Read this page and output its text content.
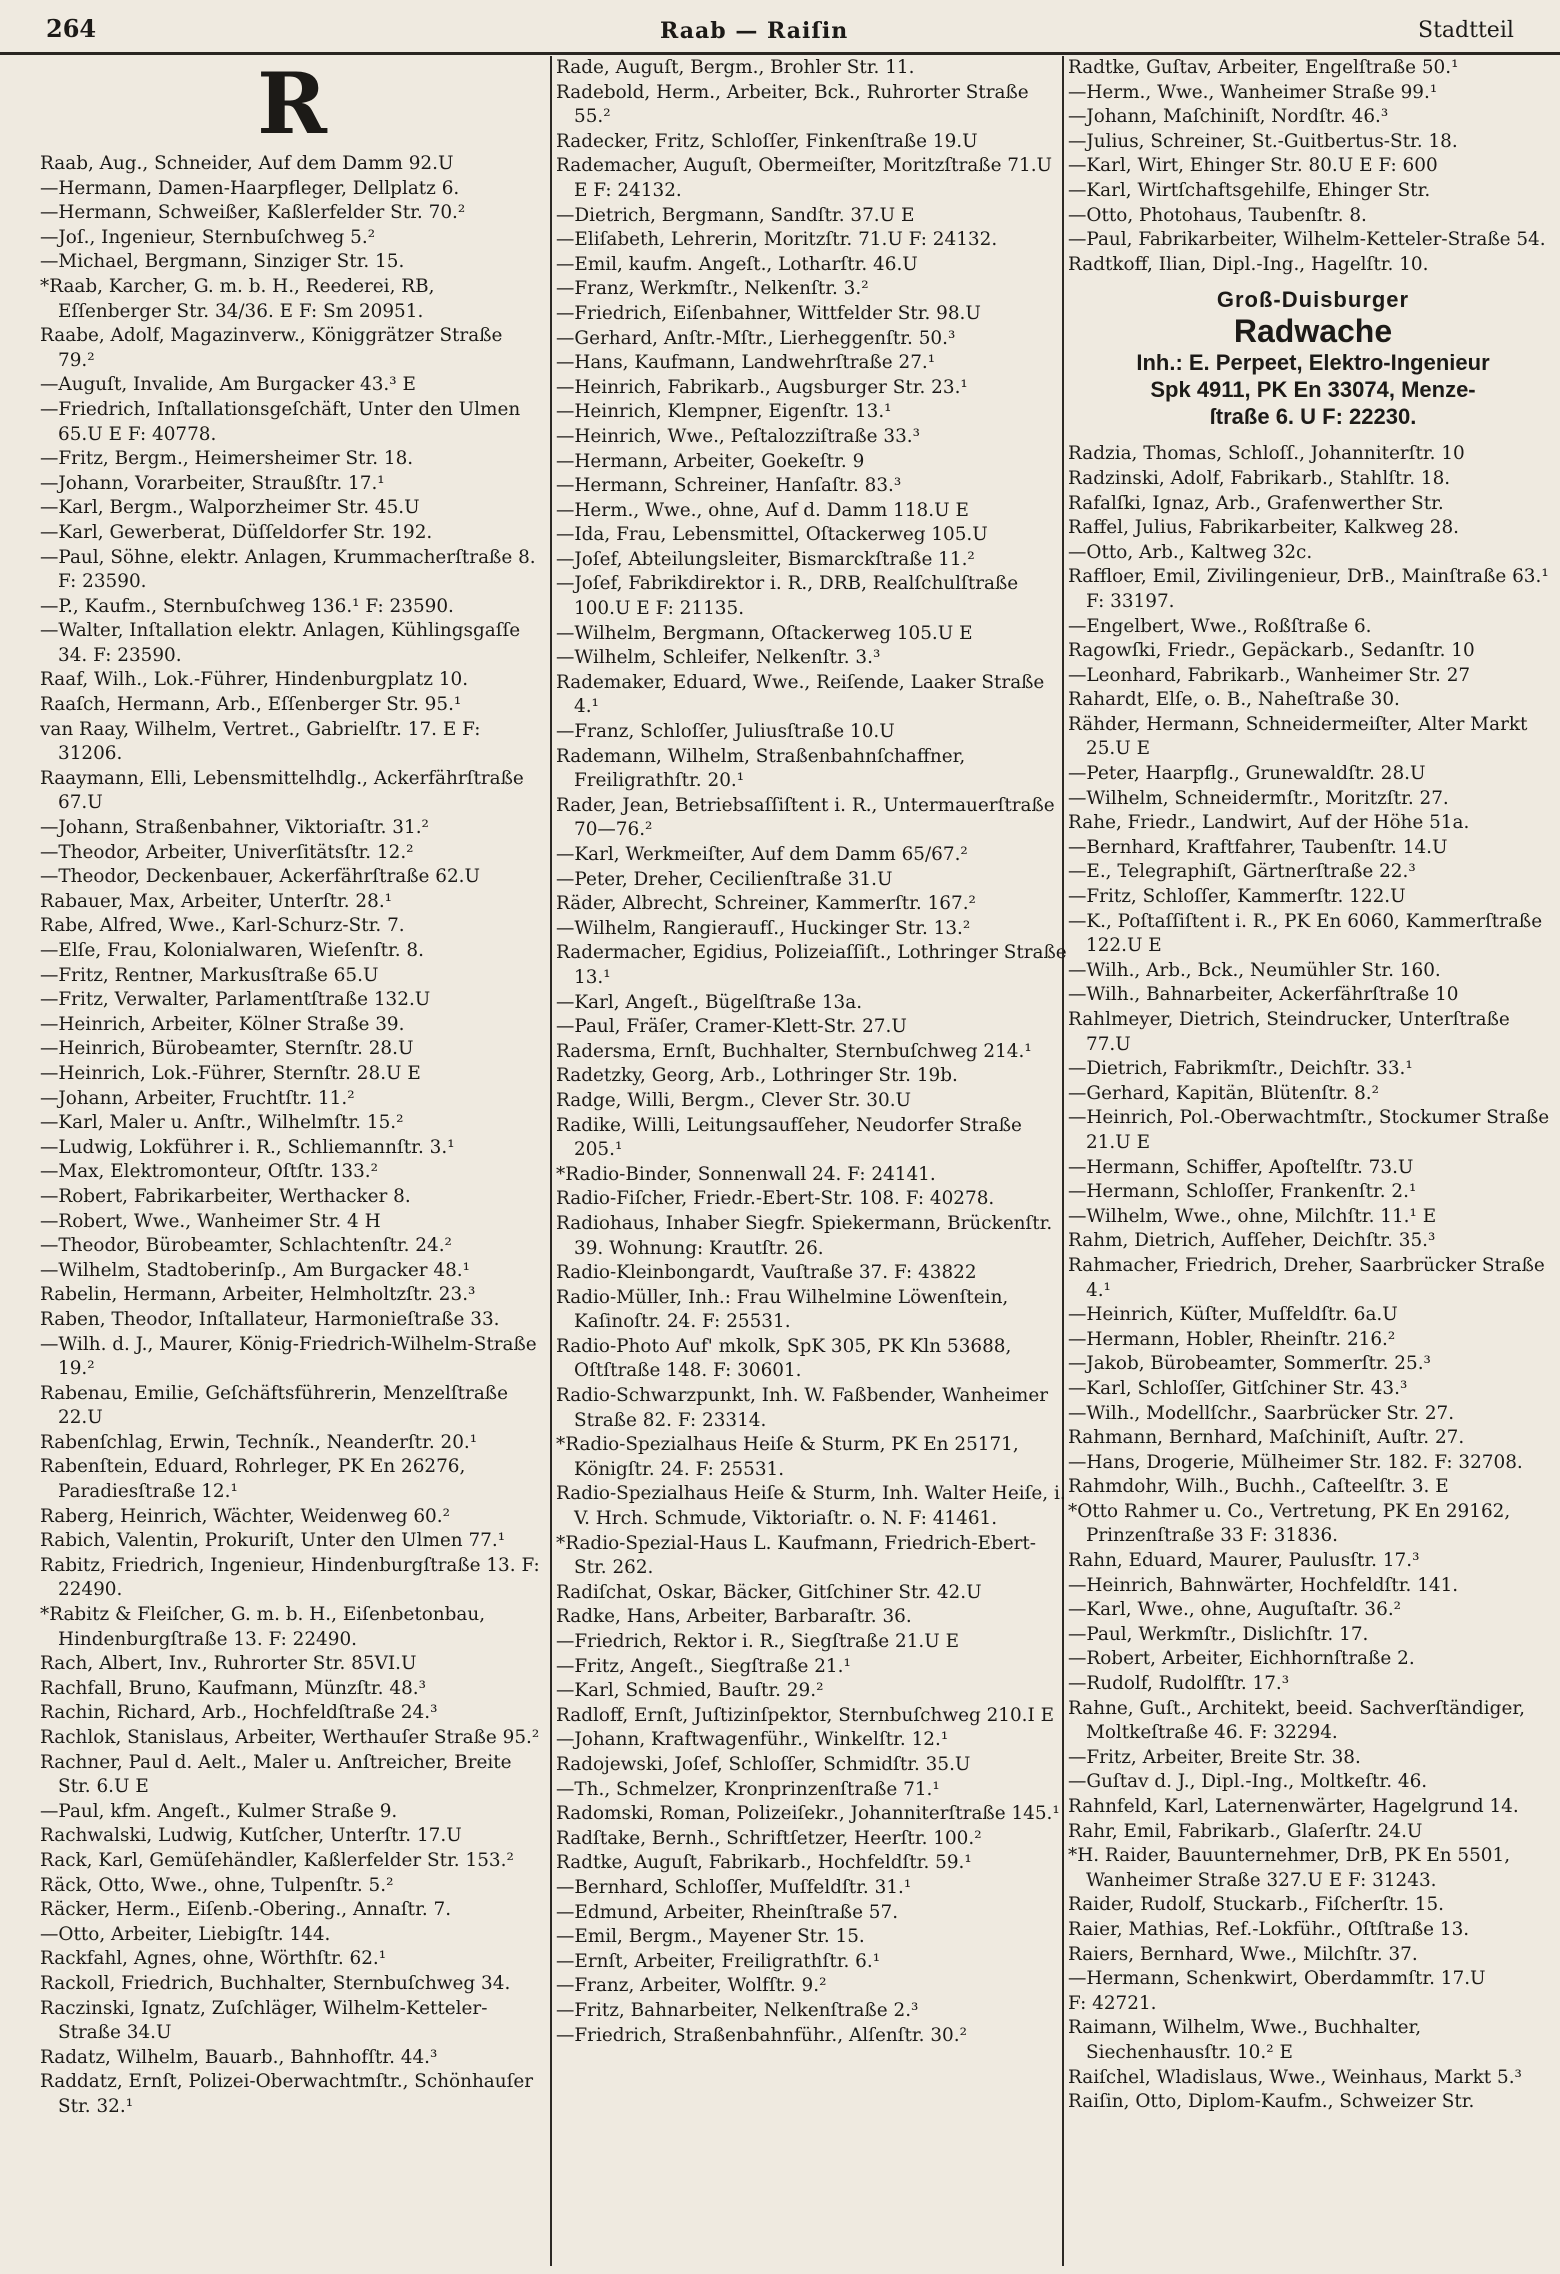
264	Raab — Raiſin	Stadtteil
R
Raab, Aug., Schneider, Auf dem Damm 92.U
—Hermann, Damen-Haarpfleger, Dellplatz 6.
—Hermann, Schweißer, Kaßlerfelder Str. 70.²
—Joſ., Ingenieur, Sternbuſchweg 5.²
—Michael, Bergmann, Sinziger Str. 15.
*Raab, Karcher, G. m. b. H., Reederei, RB, Eſſenberger Str. 34/36. E F: Sm 20951.
Raabe, Adolf, Magazinverw., Königgrätzer Straße 79.²
—Auguſt, Invalide, Am Burgacker 43.³ E
—Friedrich, Inſtallationsgeſchäft, Unter den Ulmen 65.U E F: 40778.
—Fritz, Bergm., Heimersheimer Str. 18.
—Johann, Vorarbeiter, Straußſtr. 17.¹
—Karl, Bergm., Walporzheimer Str. 45.U
—Karl, Gewerberat, Düſſeldorfer Str. 192.
—Paul, Söhne, elektr. Anlagen, Krummacherſtraße 8. F: 23590.
—P., Kaufm., Sternbuſchweg 136.¹ F: 23590.
—Walter, Inſtallation elektr. Anlagen, Kühlingsgaſſe 34. F: 23590.
Raaf, Wilh., Lok.-Führer, Hindenburgplatz 10.
Raaſch, Hermann, Arb., Eſſenberger Str. 95.¹
van Raay, Wilhelm, Vertret., Gabrielſtr. 17. E F: 31206.
Raaymann, Elli, Lebensmittelhdlg., Ackerfährſtraße 67.U
—Johann, Straßenbahner, Viktoriaſtr. 31.²
—Theodor, Arbeiter, Univerſitätsſtr. 12.²
—Theodor, Deckenbauer, Ackerfährſtraße 62.U
Rabauer, Max, Arbeiter, Unterſtr. 28.¹
Rabe, Alfred, Wwe., Karl-Schurz-Str. 7.
—Elſe, Frau, Kolonialwaren, Wieſenſtr. 8.
—Fritz, Rentner, Markusſtraße 65.U
—Fritz, Verwalter, Parlamentſtraße 132.U
—Heinrich, Arbeiter, Kölner Straße 39.
—Heinrich, Bürobeamter, Sternſtr. 28.U
—Heinrich, Lok.-Führer, Sternſtr. 28.U E
—Johann, Arbeiter, Fruchtſtr. 11.²
—Karl, Maler u. Anſtr., Wilhelmſtr. 15.²
—Ludwig, Lokführer i. R., Schliemannſtr. 3.¹
—Max, Elektromonteur, Oſtſtr. 133.²
—Robert, Fabrikarbeiter, Werthacker 8.
—Robert, Wwe., Wanheimer Str. 4 H
—Theodor, Bürobeamter, Schlachtenſtr. 24.²
—Wilhelm, Stadtoberinſp., Am Burgacker 48.¹
Rabelin, Hermann, Arbeiter, Helmholtzſtr. 23.³
Raben, Theodor, Inſtallateur, Harmonieſtraße 33.
—Wilh. d. J., Maurer, König-Friedrich-Wilhelm-Straße 19.²
Rabenau, Emilie, Geſchäftsführerin, Menzelſtraße 22.U
Rabenſchlag, Erwin, Techník., Neanderſtr. 20.¹
Rabenſtein, Eduard, Rohrleger, PK En 26276, Paradiesſtraße 12.¹
Raberg, Heinrich, Wächter, Weidenweg 60.²
Rabich, Valentin, Prokuriſt, Unter den Ulmen 77.¹
Rabitz, Friedrich, Ingenieur, Hindenburgſtraße 13. F: 22490.
*Rabitz & Fleiſcher, G. m. b. H., Eiſenbetonbau, Hindenburgſtraße 13. F: 22490.
Rach, Albert, Inv., Ruhrorter Str. 85VI.U
Rachfall, Bruno, Kaufmann, Münzſtr. 48.³
Rachin, Richard, Arb., Hochfeldſtraße 24.³
Rachlok, Stanislaus, Arbeiter, Werthauſer Straße 95.²
Rachner, Paul d. Aelt., Maler u. Anſtreicher, Breite Str. 6.U E
—Paul, kfm. Angeſt., Kulmer Straße 9.
Rachwalski, Ludwig, Kutſcher, Unterſtr. 17.U
Rack, Karl, Gemüſehändler, Kaßlerfelder Str. 153.²
Räck, Otto, Wwe., ohne, Tulpenſtr. 5.²
Räcker, Herm., Eiſenb.-Obering., Annaſtr. 7.
—Otto, Arbeiter, Liebigſtr. 144.
Rackfahl, Agnes, ohne, Wörthſtr. 62.¹
Rackoll, Friedrich, Buchhalter, Sternbuſchweg 34.
Raczinski, Ignatz, Zuſchläger, Wilhelm-Ketteler-Straße 34.U
Radatz, Wilhelm, Bauarb., Bahnhofſtr. 44.³
Raddatz, Ernſt, Polizei-Oberwachtmſtr., Schönhauſer Str. 32.¹
Rade, Auguſt, Bergm., Brohler Str. 11.
Radebold, Herm., Arbeiter, Bck., Ruhrorter Straße 55.²
Radecker, Fritz, Schloſſer, Finkenſtraße 19.U
Rademacher, Auguſt, Obermeiſter, Moritzſtraße 71.U E F: 24132.
—Dietrich, Bergmann, Sandſtr. 37.U E
—Eliſabeth, Lehrerin, Moritzſtr. 71.U F: 24132.
—Emil, kaufm. Angeſt., Lotharſtr. 46.U
—Franz, Werkmſtr., Nelkenſtr. 3.²
—Friedrich, Eiſenbahner, Wittfelder Str. 98.U
—Gerhard, Anſtr.-Mſtr., Lierheggenſtr. 50.³
—Hans, Kaufmann, Landwehrſtraße 27.¹
—Heinrich, Fabrikarb., Augsburger Str. 23.¹
—Heinrich, Klempner, Eigenſtr. 13.¹
—Heinrich, Wwe., Peſtalozziſtraße 33.³
—Hermann, Arbeiter, Goekeſtr. 9
—Hermann, Schreiner, Hanſaſtr. 83.³
—Herm., Wwe., ohne, Auf d. Damm 118.U E
—Ida, Frau, Lebensmittel, Oſtackerweg 105.U
—Joſef, Abteilungsleiter, Bismarckſtraße 11.²
—Joſef, Fabrikdirektor i. R., DRB, Realſchulſtraße 100.U E F: 21135.
—Wilhelm, Bergmann, Oſtackerweg 105.U E
—Wilhelm, Schleifer, Nelkenſtr. 3.³
Rademaker, Eduard, Wwe., Reiſende, Laaker Straße 4.¹
—Franz, Schloſſer, Juliusſtraße 10.U
Rademann, Wilhelm, Straßenbahnſchaffner, Freiligrathſtr. 20.¹
Rader, Jean, Betriebsaſſiſtent i. R., Untermauerſtraße 70—76.²
—Karl, Werkmeiſter, Auf dem Damm 65/67.²
—Peter, Dreher, Cecilienſtraße 31.U
Räder, Albrecht, Schreiner, Kammerſtr. 167.²
—Wilhelm, Rangieraufſ., Huckinger Str. 13.²
Radermacher, Egidius, Polizeiaſſiſt., Lothringer Straße 13.¹
—Karl, Angeſt., Bügelſtraße 13a.
—Paul, Fräſer, Cramer-Klett-Str. 27.U
Radersma, Ernſt, Buchhalter, Sternbuſchweg 214.¹
Radetzky, Georg, Arb., Lothringer Str. 19b.
Radge, Willi, Bergm., Clever Str. 30.U
Radike, Willi, Leitungsaufſeher, Neudorfer Straße 205.¹
*Radio-Binder, Sonnenwall 24. F: 24141.
Radio-Fiſcher, Friedr.-Ebert-Str. 108. F: 40278.
Radiohaus, Inhaber Siegfr. Spiekermann, Brückenſtr. 39. Wohnung: Krautſtr. 26.
Radio-Kleinbongardt, Vauſtraße 37. F: 43822
Radio-Müller, Inh.: Frau Wilhelmine Löwenſtein, Kaſinoſtr. 24. F: 25531.
Radio-Photo Auf' mkolk, SpK 305, PK Kln 53688, Oſtſtraße 148. F: 30601.
Radio-Schwarzpunkt, Inh. W. Faßbender, Wanheimer Straße 82. F: 23314.
*Radio-Spezialhaus Heiſe & Sturm, PK En 25171, Königſtr. 24. F: 25531.
Radio-Spezialhaus Heiſe & Sturm, Inh. Walter Heiſe, i. V. Hrch. Schmude, Viktoriaſtr. o. N. F: 41461.
*Radio-Spezial-Haus L. Kaufmann, Friedrich-Ebert-Str. 262.
Radiſchat, Oskar, Bäcker, Gitſchiner Str. 42.U
Radke, Hans, Arbeiter, Barbaraſtr. 36.
—Friedrich, Rektor i. R., Siegſtraße 21.U E
—Fritz, Angeſt., Siegſtraße 21.¹
—Karl, Schmied, Bauſtr. 29.²
Radloff, Ernſt, Juſtizinſpektor, Sternbuſchweg 210.I E
—Johann, Kraftwagenführ., Winkelſtr. 12.¹
Radojewski, Joſef, Schloſſer, Schmidſtr. 35.U
—Th., Schmelzer, Kronprinzenſtraße 71.¹
Radomski, Roman, Polizeiſekr., Johanniterſtraße 145.¹
Radſtake, Bernh., Schriftſetzer, Heerſtr. 100.²
Radtke, Auguſt, Fabrikarb., Hochfeldſtr. 59.¹
—Bernhard, Schloſſer, Muſfeldſtr. 31.¹
—Edmund, Arbeiter, Rheinſtraße 57.
—Emil, Bergm., Mayener Str. 15.
—Ernſt, Arbeiter, Freiligrathſtr. 6.¹
—Franz, Arbeiter, Wolfſtr. 9.²
—Fritz, Bahnarbeiter, Nelkenſtraße 2.³
—Friedrich, Straßenbahnführ., Alſenſtr. 30.²
Radtke, Guſtav, Arbeiter, Engelſtraße 50.¹
—Herm., Wwe., Wanheimer Straße 99.¹
—Johann, Maſchiniſt, Nordſtr. 46.³
—Julius, Schreiner, St.-Guitbertus-Str. 18.
—Karl, Wirt, Ehinger Str. 80.U E F: 600
—Karl, Wirtſchaftsgehilfe, Ehinger Str.
—Otto, Photohaus, Taubenſtr. 8.
—Paul, Fabrikarbeiter, Wilhelm-Ketteler-Straße 54.
Radtkoff, Ilian, Dipl.-Ing., Hagelſtr. 10.
Groß-Duisburger
Radwache
Inh.: E. Perpeet, Elektro-Ingenieur
Spk 4911, PK En 33074, Menze-
ſtraße 6. U F: 22230.
Radzia, Thomas, Schloſſ., Johanniterſtr. 10
Radzinski, Adolf, Fabrikarb., Stahlſtr. 18.
Rafalſki, Ignaz, Arb., Grafenwerther Str.
Raffel, Julius, Fabrikarbeiter, Kalkweg 28.
—Otto, Arb., Kaltweg 32c.
Raffloer, Emil, Zivilingenieur, DrB., Mainſtraße 63.¹ F: 33197.
—Engelbert, Wwe., Roßſtraße 6.
Ragowſki, Friedr., Gepäckarb., Sedanſtr. 10
—Leonhard, Fabrikarb., Wanheimer Str. 27
Rahardt, Elſe, o. B., Naheſtraße 30.
Rähder, Hermann, Schneidermeiſter, Alter Markt 25.U E
—Peter, Haarpflg., Grunewaldſtr. 28.U
—Wilhelm, Schneidermſtr., Moritzſtr. 27.
Rahe, Friedr., Landwirt, Auf der Höhe 51a.
—Bernhard, Kraftfahrer, Taubenſtr. 14.U
—E., Telegraphiſt, Gärtnerſtraße 22.³
—Fritz, Schloſſer, Kammerſtr. 122.U
—K., Poſtaſſiſtent i. R., PK En 6060, Kammerſtraße 122.U E
—Wilh., Arb., Bck., Neumühler Str. 160.
—Wilh., Bahnarbeiter, Ackerfährſtraße 10
Rahlmeyer, Dietrich, Steindrucker, Unterſtraße 77.U
—Dietrich, Fabrikmſtr., Deichſtr. 33.¹
—Gerhard, Kapitän, Blütenſtr. 8.²
—Heinrich, Pol.-Oberwachtmſtr., Stockumer Straße 21.U E
—Hermann, Schiffer, Apoſtelſtr. 73.U
—Hermann, Schloſſer, Frankenſtr. 2.¹
—Wilhelm, Wwe., ohne, Milchſtr. 11.¹ E
Rahm, Dietrich, Aufſeher, Deichſtr. 35.³
Rahmacher, Friedrich, Dreher, Saarbrücker Straße 4.¹
—Heinrich, Küſter, Muſfeldſtr. 6a.U
—Hermann, Hobler, Rheinſtr. 216.²
—Jakob, Bürobeamter, Sommerſtr. 25.³
—Karl, Schloſſer, Gitſchiner Str. 43.³
—Wilh., Modellſchr., Saarbrücker Str. 27.
Rahmann, Bernhard, Maſchiniſt, Auſtr. 27.
—Hans, Drogerie, Mülheimer Str. 182. F: 32708.
Rahmdohr, Wilh., Buchh., Caſteelſtr. 3. E
*Otto Rahmer u. Co., Vertretung, PK En 29162, Prinzenſtraße 33 F: 31836.
Rahn, Eduard, Maurer, Paulusſtr. 17.³
—Heinrich, Bahnwärter, Hochfeldſtr. 141.
—Karl, Wwe., ohne, Auguſtaſtr. 36.²
—Paul, Werkmſtr., Dislichſtr. 17.
—Robert, Arbeiter, Eichhornſtraße 2.
—Rudolf, Rudolfſtr. 17.³
Rahne, Guſt., Architekt, beeid. Sachverſtändiger, Moltkeſtraße 46. F: 32294.
—Fritz, Arbeiter, Breite Str. 38.
—Guſtav d. J., Dipl.-Ing., Moltkeſtr. 46.
Rahnfeld, Karl, Laternenwärter, Hagelgrund 14.
Rahr, Emil, Fabrikarb., Glaſerſtr. 24.U
*H. Raider, Bauunternehmer, DrB, PK En 5501, Wanheimer Straße 327.U E F: 31243.
Raider, Rudolf, Stuckarb., Fiſcherſtr. 15.
Raier, Mathias, Ref.-Lokführ., Oſtſtraße 13.
Raiers, Bernhard, Wwe., Milchſtr. 37.
—Hermann, Schenkwirt, Oberdammſtr. 17.U
F: 42721.
Raimann, Wilhelm, Wwe., Buchhalter, Siechenhausſtr. 10.² E
Raiſchel, Wladislaus, Wwe., Weinhaus, Markt 5.³
Raiſin, Otto, Diplom-Kaufm., Schweizer Str.
